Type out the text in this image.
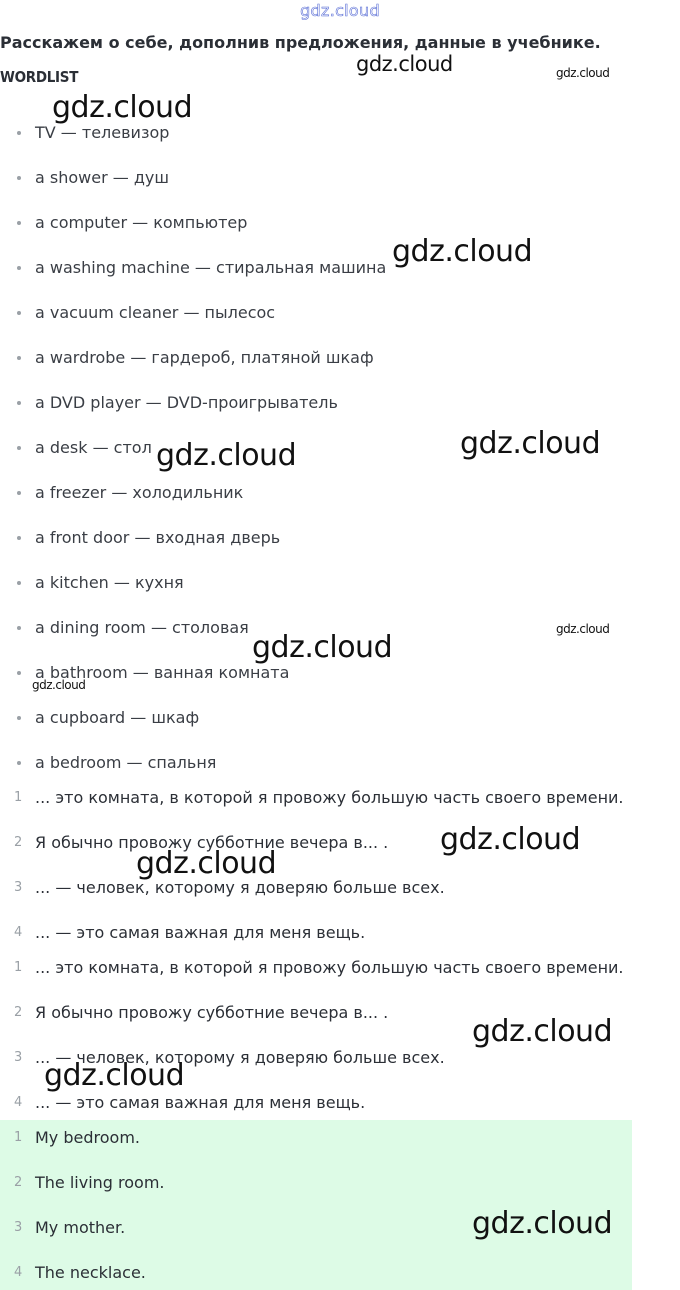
gdz.cloud
Расскажем о себе, дополнив предложения, данные в учебнике.
WORDLIST
TV — телевизор
a shower — душ
a computer — компьютер
a washing machine — стиральная машина
a vacuum cleaner — пылесос
a wardrobe — гардероб, платяной шкаф
a DVD player — DVD-проигрыватель
a desk — стол
a freezer — холодильник
a front door — входная дверь
a kitchen — кухня
a dining room — столовая
a bathroom — ванная комната
a cupboard — шкаф
a bedroom — спальня
1 ... это комната, в которой я провожу большую часть своего времени.
2 Я обычно провожу субботние вечера в... .
3 ... — человек, которому я доверяю больше всех.
4 ... — это самая важная для меня вещь.
1 ... это комната, в которой я провожу большую часть своего времени.
2 Я обычно провожу субботние вечера в... .
3 ... — человек, которому я доверяю больше всех.
4 ... — это самая важная для меня вещь.
1 My bedroom.
2 The living room.
3 My mother.
4 The necklace.
gdz.cloud	gdz.cloud
gdz.cloud
gdz.cloud
gdz.cloud
gdz.cloud
gdz.cloud
gdz.cloud
gdz.cloud
gdz.cloud
gdz.cloud
gdz.cloud
gdz.cloud
gdz.cloud
